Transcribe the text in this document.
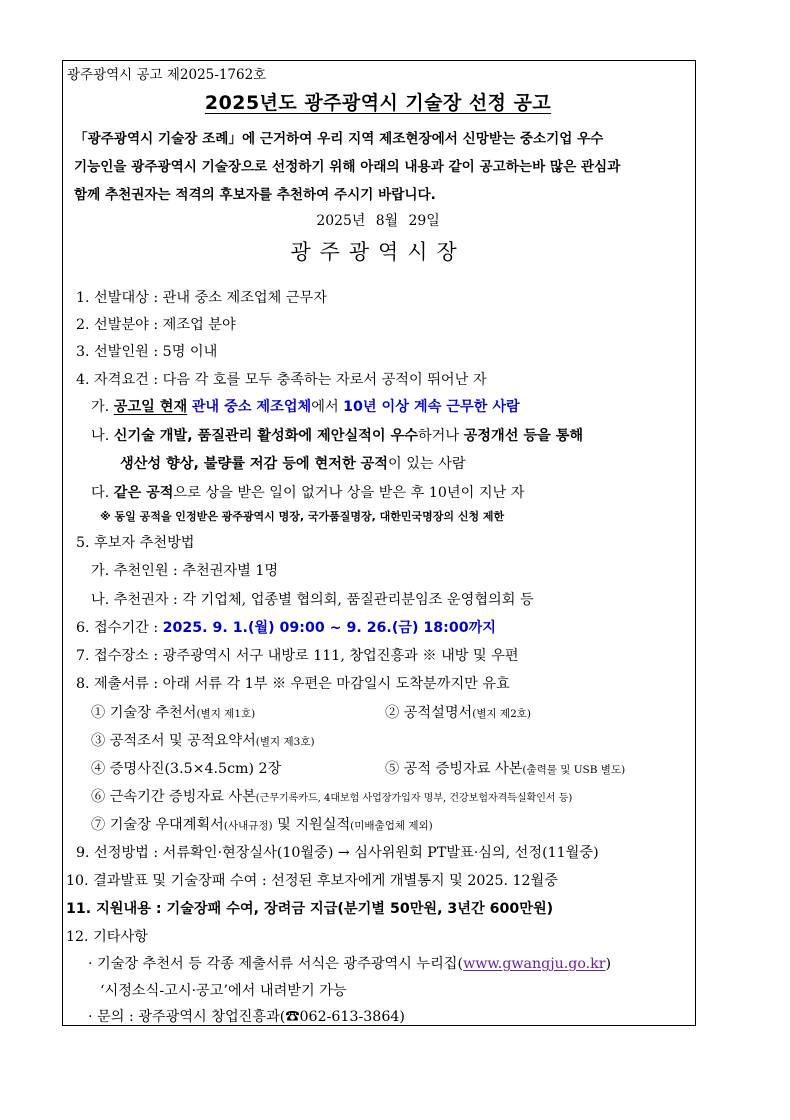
광주광역시 공고 제2025-1762호
2025년도 광주광역시 기술장 선정 공고
「광주광역시 기술장 조례」에 근거하여 우리 지역 제조현장에서 신망받는 중소기업 우수
기능인을 광주광역시 기술장으로 선정하기 위해 아래의 내용과 같이 공고하는바 많은 관심과
함께 추천권자는 적격의 후보자를 추천하여 주시기 바랍니다.
2025년 8월 29일
광주광역시장
1. 선발대상 : 관내 중소 제조업체 근무자
2. 선발분야 : 제조업 분야
3. 선발인원 : 5명 이내
4. 자격요건 : 다음 각 호를 모두 충족하는 자로서 공적이 뛰어난 자
가. 공고일 현재 관내 중소 제조업체에서 10년 이상 계속 근무한 사람
나. 신기술 개발, 품질관리 활성화에 제안실적이 우수하거나 공정개선 등을 통해
생산성 향상, 불량률 저감 등에 현저한 공적이 있는 사람
다. 같은 공적으로 상을 받은 일이 없거나 상을 받은 후 10년이 지난 자
※ 동일 공적을 인정받은 광주광역시 명장, 국가품질명장, 대한민국명장의 신청 제한
5. 후보자 추천방법
가. 추천인원 : 추천권자별 1명
나. 추천권자 : 각 기업체, 업종별 협의회, 품질관리분임조 운영협의회 등
6. 접수기간 : 2025. 9. 1.(월) 09:00 ~ 9. 26.(금) 18:00까지
7. 접수장소 : 광주광역시 서구 내방로 111, 창업진흥과 ※ 내방 및 우편
8. 제출서류 : 아래 서류 각 1부 ※ 우편은 마감일시 도착분까지만 유효
① 기술장 추천서(별지 제1호)	② 공적설명서(별지 제2호)
③ 공적조서 및 공적요약서(별지 제3호)
④ 증명사진(3.5×4.5cm) 2장	⑤ 공적 증빙자료 사본(출력물 및 USB 별도)
⑥ 근속기간 증빙자료 사본(근무기록카드, 4대보험 사업장가입자 명부, 건강보험자격득실확인서 등)
⑦ 기술장 우대계획서(사내규정) 및 지원실적(미배출업체 제외)
9. 선정방법 : 서류확인·현장실사(10월중) → 심사위원회 PT발표·심의, 선정(11월중)
10. 결과발표 및 기술장패 수여 : 선정된 후보자에게 개별통지 및 2025. 12월중
11. 지원내용 : 기술장패 수여, 장려금 지급(분기별 50만원, 3년간 600만원)
12. 기타사항
· 기술장 추천서 등 각종 제출서류 서식은 광주광역시 누리집(www.gwangju.go.kr)
‘시정소식-고시·공고’에서 내려받기 가능
· 문의 : 광주광역시 창업진흥과(☎062-613-3864)
